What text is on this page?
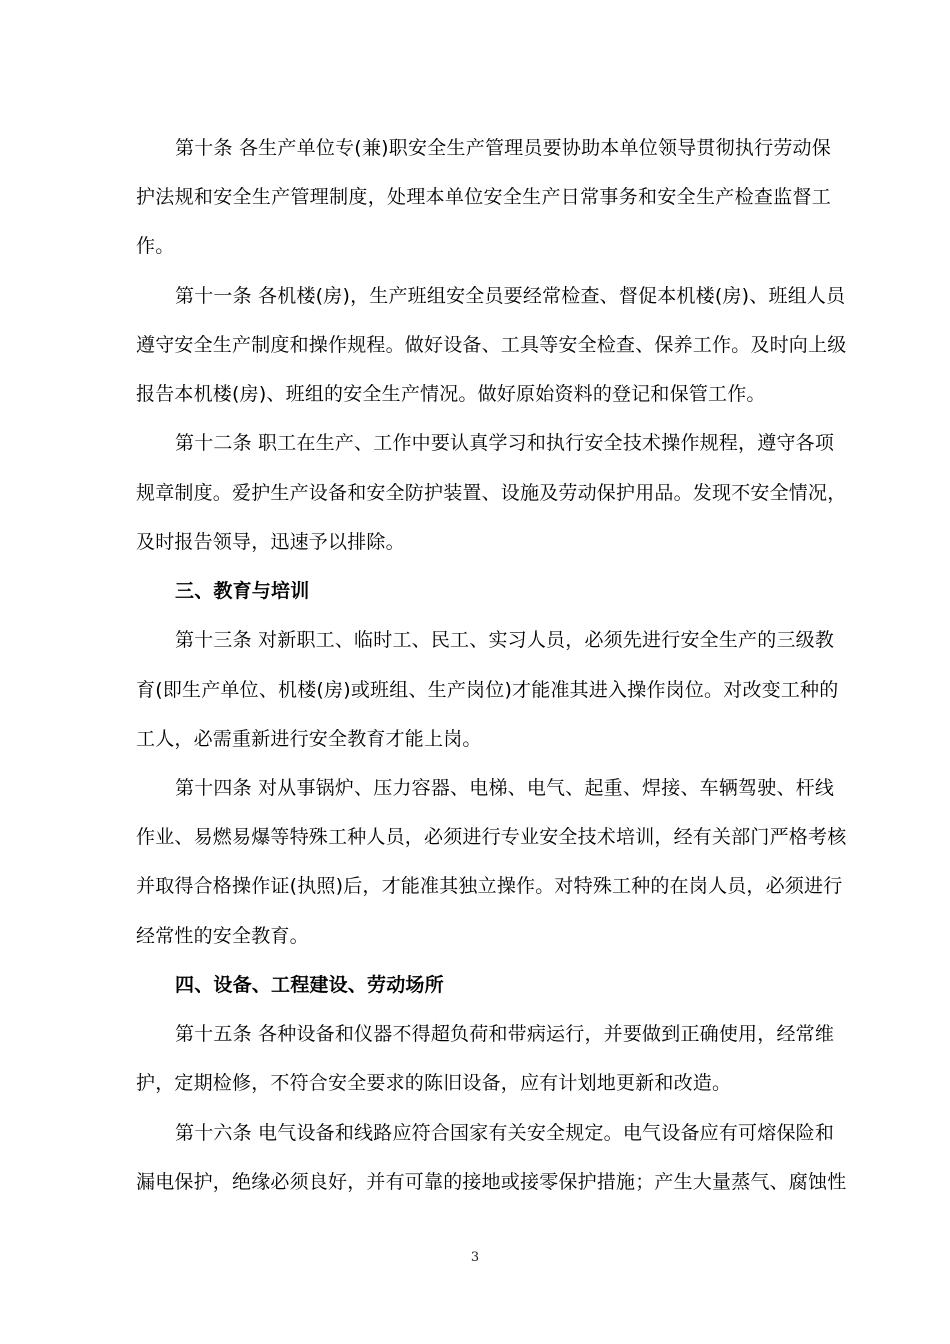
第十条 各生产单位专(兼)职安全生产管理员要协助本单位领导贯彻执行劳动保
护法规和安全生产管理制度，处理本单位安全生产日常事务和安全生产检查监督工
作。
第十一条 各机楼(房)，生产班组安全员要经常检查、督促本机楼(房)、班组人员
遵守安全生产制度和操作规程。做好设备、工具等安全检查、保养工作。及时向上级
报告本机楼(房)、班组的安全生产情况。做好原始资料的登记和保管工作。
第十二条 职工在生产、工作中要认真学习和执行安全技术操作规程，遵守各项
规章制度。爱护生产设备和安全防护装置、设施及劳动保护用品。发现不安全情况，
及时报告领导，迅速予以排除。
三、教育与培训
第十三条 对新职工、临时工、民工、实习人员，必须先进行安全生产的三级教
育(即生产单位、机楼(房)或班组、生产岗位)才能准其进入操作岗位。对改变工种的
工人，必需重新进行安全教育才能上岗。
第十四条 对从事锅炉、压力容器、电梯、电气、起重、焊接、车辆驾驶、杆线
作业、易燃易爆等特殊工种人员，必须进行专业安全技术培训，经有关部门严格考核
并取得合格操作证(执照)后，才能准其独立操作。对特殊工种的在岗人员，必须进行
经常性的安全教育。
四、设备、工程建设、劳动场所
第十五条 各种设备和仪器不得超负荷和带病运行，并要做到正确使用，经常维
护，定期检修，不符合安全要求的陈旧设备，应有计划地更新和改造。
第十六条 电气设备和线路应符合国家有关安全规定。电气设备应有可熔保险和
漏电保护，绝缘必须良好，并有可靠的接地或接零保护措施；产生大量蒸气、腐蚀性
3
